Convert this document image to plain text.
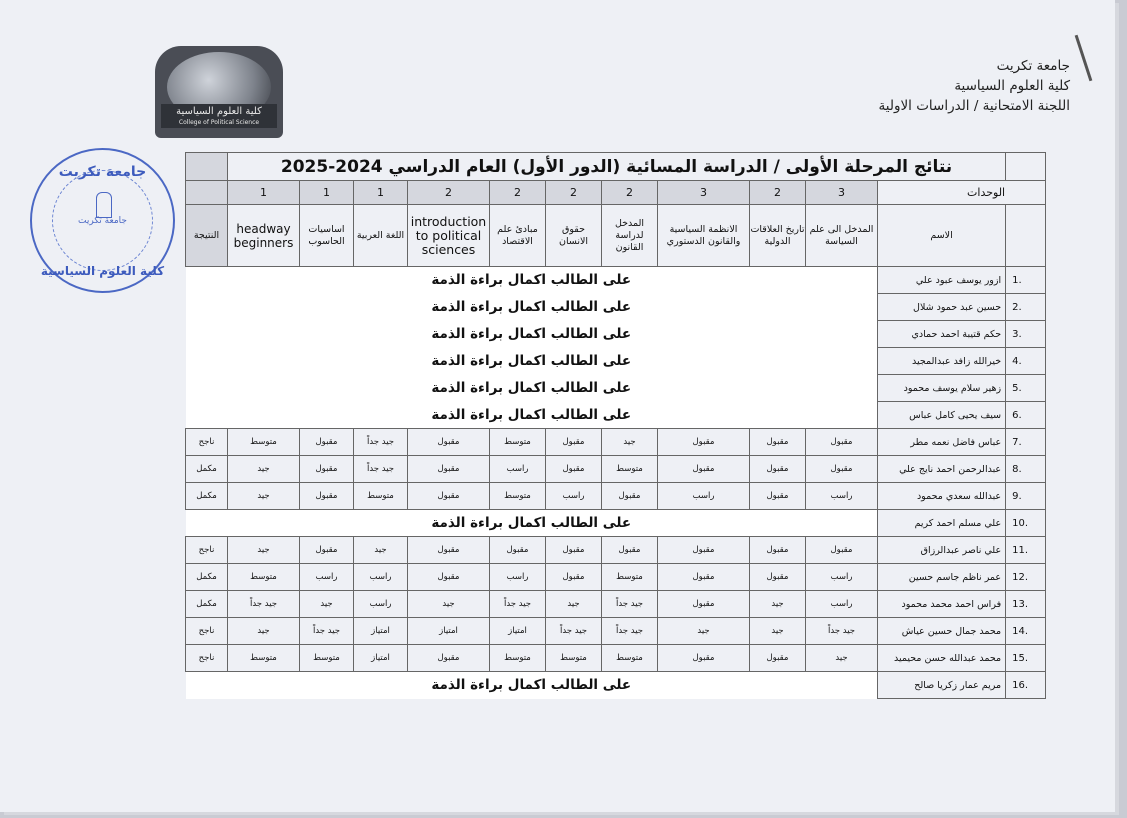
جامعة تكريت
كلية العلوم السياسية
اللجنة الامتحانية / الدراسات الاولية
كلية العلوم السياسية
College of Political Science
جامعة تكريت
جامعة تكريت
كلية العلوم السياسية
	نتائج المرحلة الأولى / الدراسة المسائية (الدور الأول) العام الدراسي 2024-2025											
	1	1	1	2	2	2	2	3	2	3	الوحدات	
النتيجة	headway beginners	اساسيات الحاسوب	اللغة العربية	introduction to political sciences	مبادئ علم الاقتصاد	حقوق الانسان	المدخل لدراسة القانون	الانظمة السياسية والقانون الدستوري	تاريخ العلاقات الدولية	المدخل الى علم السياسة	الاسم	
على الطالب اكمال براءة الذمة											ازور يوسف عبود علي	1.
على الطالب اكمال براءة الذمة											حسين عبد حمود شلال	2.
على الطالب اكمال براءة الذمة											حكم قتيبة احمد حمادي	3.
على الطالب اكمال براءة الذمة											خيرالله زافد عبدالمجيد	4.
على الطالب اكمال براءة الذمة											زهير سلام يوسف محمود	5.
على الطالب اكمال براءة الذمة											سيف يحيى كامل عباس	6.
ناجح	متوسط	مقبول	جيد جداً	مقبول	متوسط	مقبول	جيد	مقبول	مقبول	مقبول	عباس فاضل نعمه مطر	7.
مكمل	جيد	مقبول	جيد جداً	مقبول	راسب	مقبول	متوسط	مقبول	مقبول	مقبول	عبدالرحمن احمد نايج علي	8.
مكمل	جيد	مقبول	متوسط	مقبول	متوسط	راسب	مقبول	راسب	مقبول	راسب	عبدالله سعدي محمود	9.
على الطالب اكمال براءة الذمة											علي مسلم احمد كريم	10.
ناجح	جيد	مقبول	جيد	مقبول	مقبول	مقبول	مقبول	مقبول	مقبول	مقبول	علي ناصر عبدالرزاق	11.
مكمل	متوسط	راسب	راسب	مقبول	راسب	مقبول	متوسط	مقبول	مقبول	راسب	عمر ناظم جاسم حسين	12.
مكمل	جيد جداً	جيد	راسب	جيد	جيد جداً	جيد	جيد جداً	مقبول	جيد	راسب	فراس احمد محمد محمود	13.
ناجح	جيد	جيد جداً	امتياز	امتياز	امتياز	جيد جداً	جيد جداً	جيد	جيد	جيد جداً	محمد جمال حسين عياش	14.
ناجح	متوسط	متوسط	امتياز	مقبول	متوسط	متوسط	متوسط	مقبول	مقبول	جيد	محمد عبدالله حسن محيميد	15.
على الطالب اكمال براءة الذمة											مريم عمار زكريا صالح	16.
